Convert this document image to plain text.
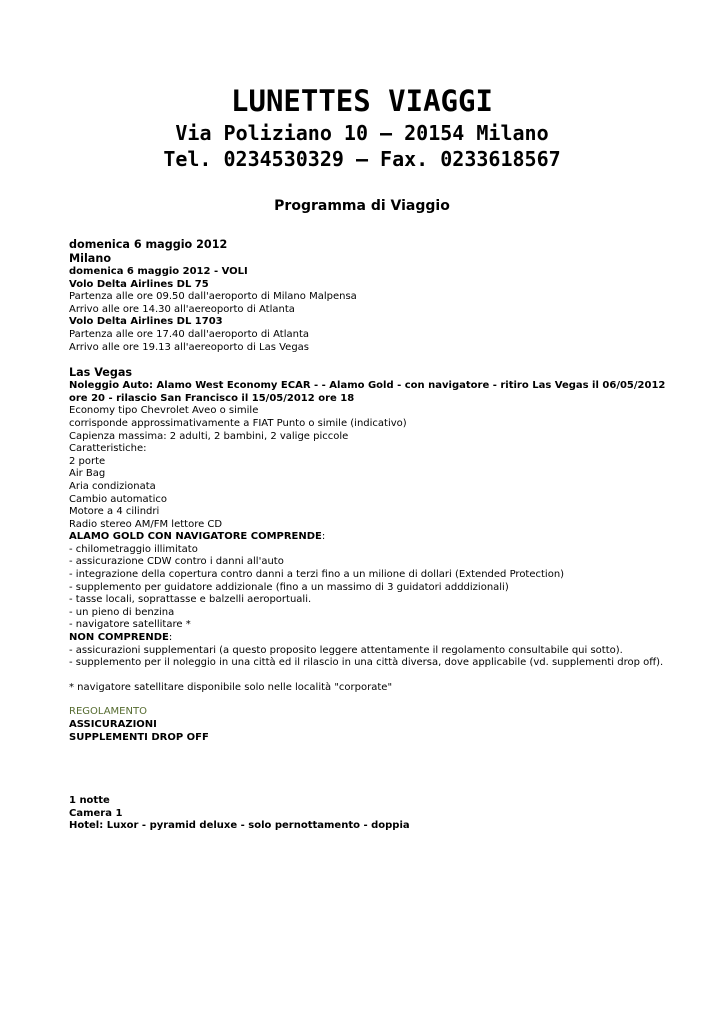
LUNETTES VIAGGI
Via Poliziano 10 – 20154 Milano
Tel. 0234530329 – Fax. 0233618567
Programma di Viaggio
domenica 6 maggio 2012
Milano
domenica 6 maggio 2012 - VOLI
Volo Delta Airlines DL 75
Partenza alle ore 09.50 dall'aeroporto di Milano Malpensa
Arrivo alle ore 14.30 all'aereoporto di Atlanta
Volo Delta Airlines DL 1703
Partenza alle ore 17.40 dall'aeroporto di Atlanta
Arrivo alle ore 19.13 all'aereoporto di Las Vegas
Las Vegas
Noleggio Auto: Alamo West Economy ECAR - - Alamo Gold - con navigatore - ritiro Las Vegas il 06/05/2012 ore 20 - rilascio San Francisco il 15/05/2012 ore 18
Economy tipo Chevrolet Aveo o simile
corrisponde approssimativamente a FIAT Punto o simile (indicativo)
Capienza massima: 2 adulti, 2 bambini, 2 valige piccole
Caratteristiche:
2 porte
Air Bag
Aria condizionata
Cambio automatico
Motore a 4 cilindri
Radio stereo AM/FM lettore CD
ALAMO GOLD CON NAVIGATORE COMPRENDE:
- chilometraggio illimitato
- assicurazione CDW contro i danni all'auto
- integrazione della copertura contro danni a terzi fino a un milione di dollari (Extended Protection)
- supplemento per guidatore addizionale (fino a un massimo di 3 guidatori adddizionali)
- tasse locali, soprattasse e balzelli aeroportuali.
- un pieno di benzina
- navigatore satellitare *
NON COMPRENDE:
- assicurazioni supplementari (a questo proposito leggere attentamente il regolamento consultabile qui sotto).
- supplemento per il noleggio in una città ed il rilascio in una città diversa, dove applicabile (vd. supplementi drop off).
* navigatore satellitare disponibile solo nelle località "corporate"
REGOLAMENTO
ASSICURAZIONI
SUPPLEMENTI DROP OFF
1 notte
Camera 1
Hotel: Luxor - pyramid deluxe - solo pernottamento - doppia
